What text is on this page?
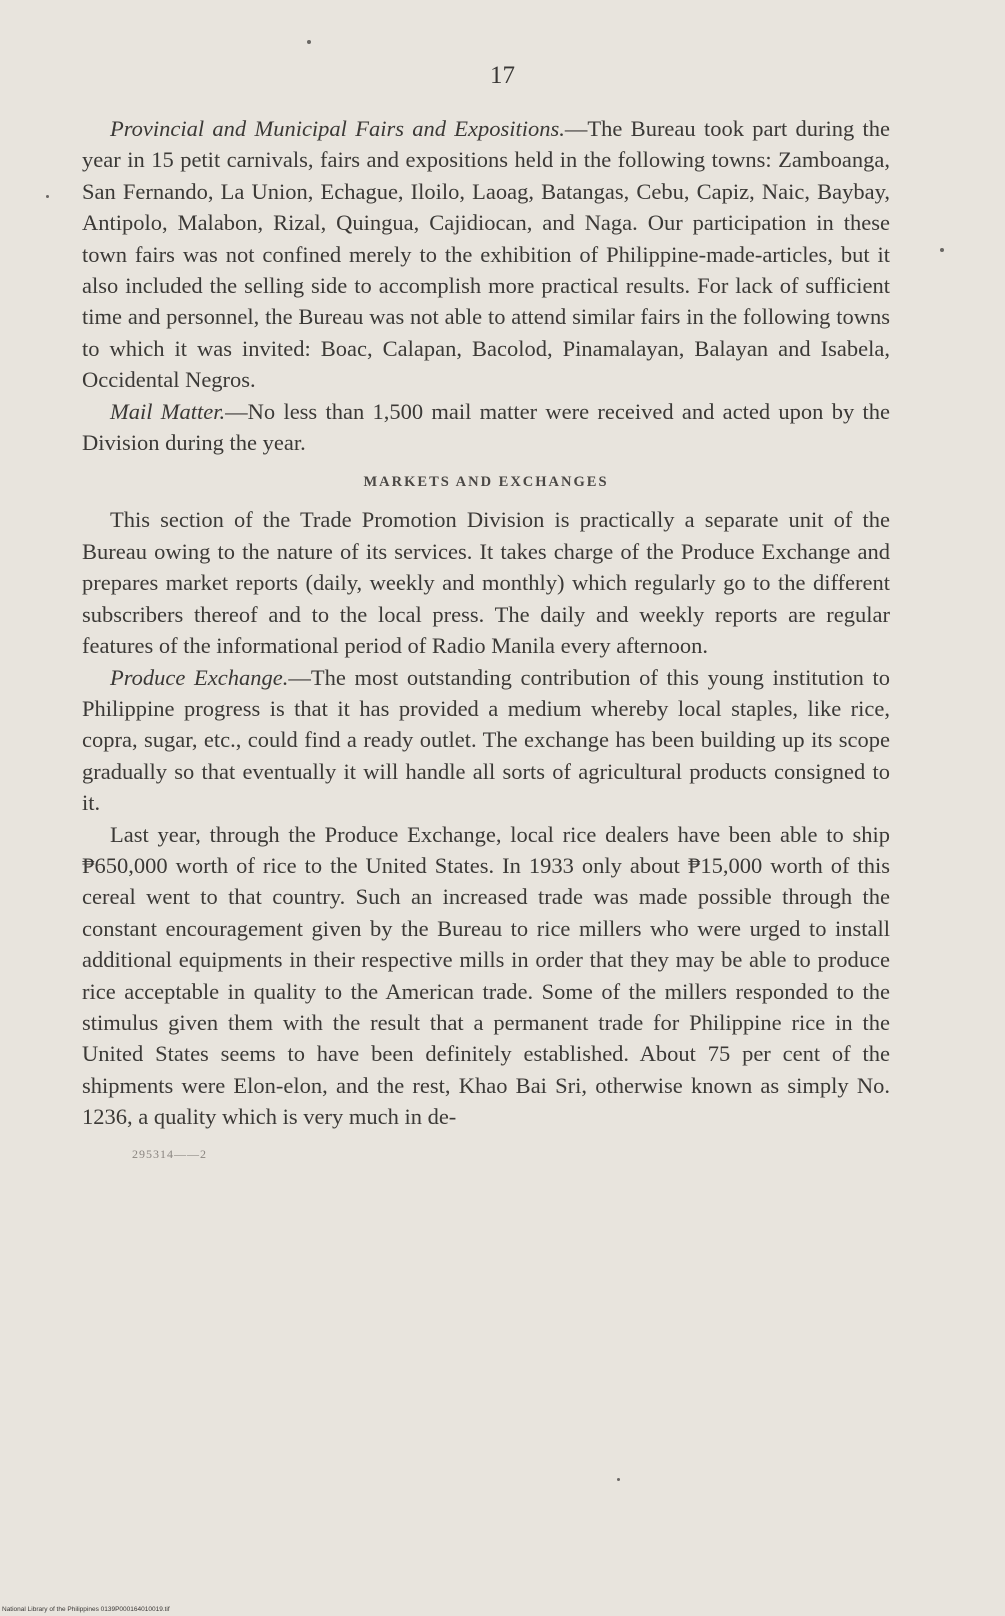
17

Provincial and Municipal Fairs and Expositions.—The Bureau took part during the year in 15 petit carnivals, fairs and expositions held in the following towns: Zamboanga, San Fernando, La Union, Echague, Iloilo, Laoag, Batangas, Cebu, Capiz, Naic, Baybay, Antipolo, Malabon, Rizal, Quingua, Cajidiocan, and Naga. Our participation in these town fairs was not confined merely to the exhibition of Philippine-made-articles, but it also included the selling side to accomplish more practical results. For lack of sufficient time and personnel, the Bureau was not able to attend similar fairs in the following towns to which it was invited: Boac, Calapan, Bacolod, Pinamalayan, Balayan and Isabela, Occidental Negros.

Mail Matter.—No less than 1,500 mail matter were received and acted upon by the Division during the year.

MARKETS AND EXCHANGES

This section of the Trade Promotion Division is practically a separate unit of the Bureau owing to the nature of its services. It takes charge of the Produce Exchange and prepares market reports (daily, weekly and monthly) which regularly go to the different subscribers thereof and to the local press. The daily and weekly reports are regular features of the informational period of Radio Manila every afternoon.

Produce Exchange.—The most outstanding contribution of this young institution to Philippine progress is that it has provided a medium whereby local staples, like rice, copra, sugar, etc., could find a ready outlet. The exchange has been building up its scope gradually so that eventually it will handle all sorts of agricultural products consigned to it.

Last year, through the Produce Exchange, local rice dealers have been able to ship ₱650,000 worth of rice to the United States. In 1933 only about ₱15,000 worth of this cereal went to that country. Such an increased trade was made possible through the constant encouragement given by the Bureau to rice millers who were urged to install additional equipments in their respective mills in order that they may be able to produce rice acceptable in quality to the American trade. Some of the millers responded to the stimulus given them with the result that a permanent trade for Philippine rice in the United States seems to have been definitely established. About 75 per cent of the shipments were Elon-elon, and the rest, Khao Bai Sri, otherwise known as simply No. 1236, a quality which is very much in de-

295314——2
National Library of the Philippines 0139P000164010019.tif
